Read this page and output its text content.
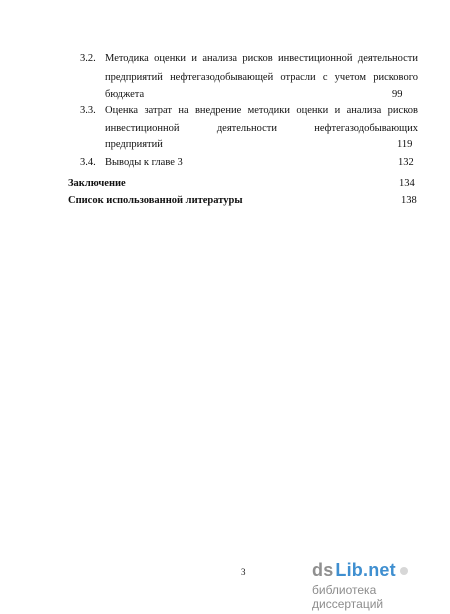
3.2. Методика оценки и анализа рисков инвестиционной деятельности
предприятий нефтегазодобывающей отрасли с учетом рискового
бюджета	99
3.3. Оценка затрат на внедрение методики оценки и анализа рисков
инвестиционной деятельности нефтегазодобывающих
предприятий	119
3.4. Выводы к главе 3	132
Заключение	134
Список использованной литературы	138
3	ds Lib.net
библиотека диссертаций
